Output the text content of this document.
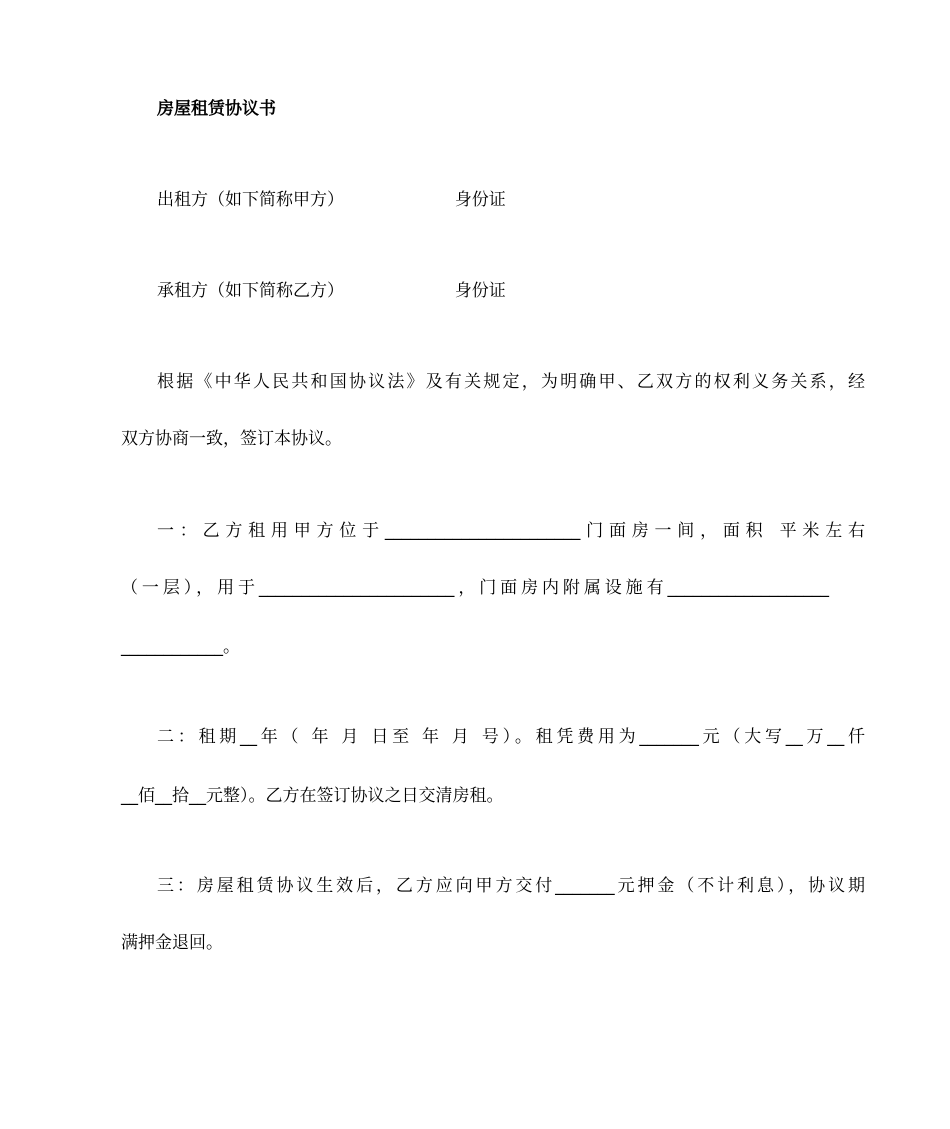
房屋租赁协议书
出租方（如下简称甲方）	身份证
承租方（如下简称乙方）	身份证
根据《中华人民共和国协议法》及有关规定，为明确甲、乙双方的权利义务关系，经
双方协商一致，签订本协议。
一：乙方租用甲方位于_______________________门面房一间，面积 平米左右
（一层），用于_______________________，门面房内附属设施有___________________
____________。
二：租期__年（ 年 月 日至 年 月 号）。租凭费用为_______元（大写__万__仟
__佰__拾__元整）。乙方在签订协议之日交清房租。
三：房屋租赁协议生效后，乙方应向甲方交付_______元押金（不计利息），协议期
满押金退回。
